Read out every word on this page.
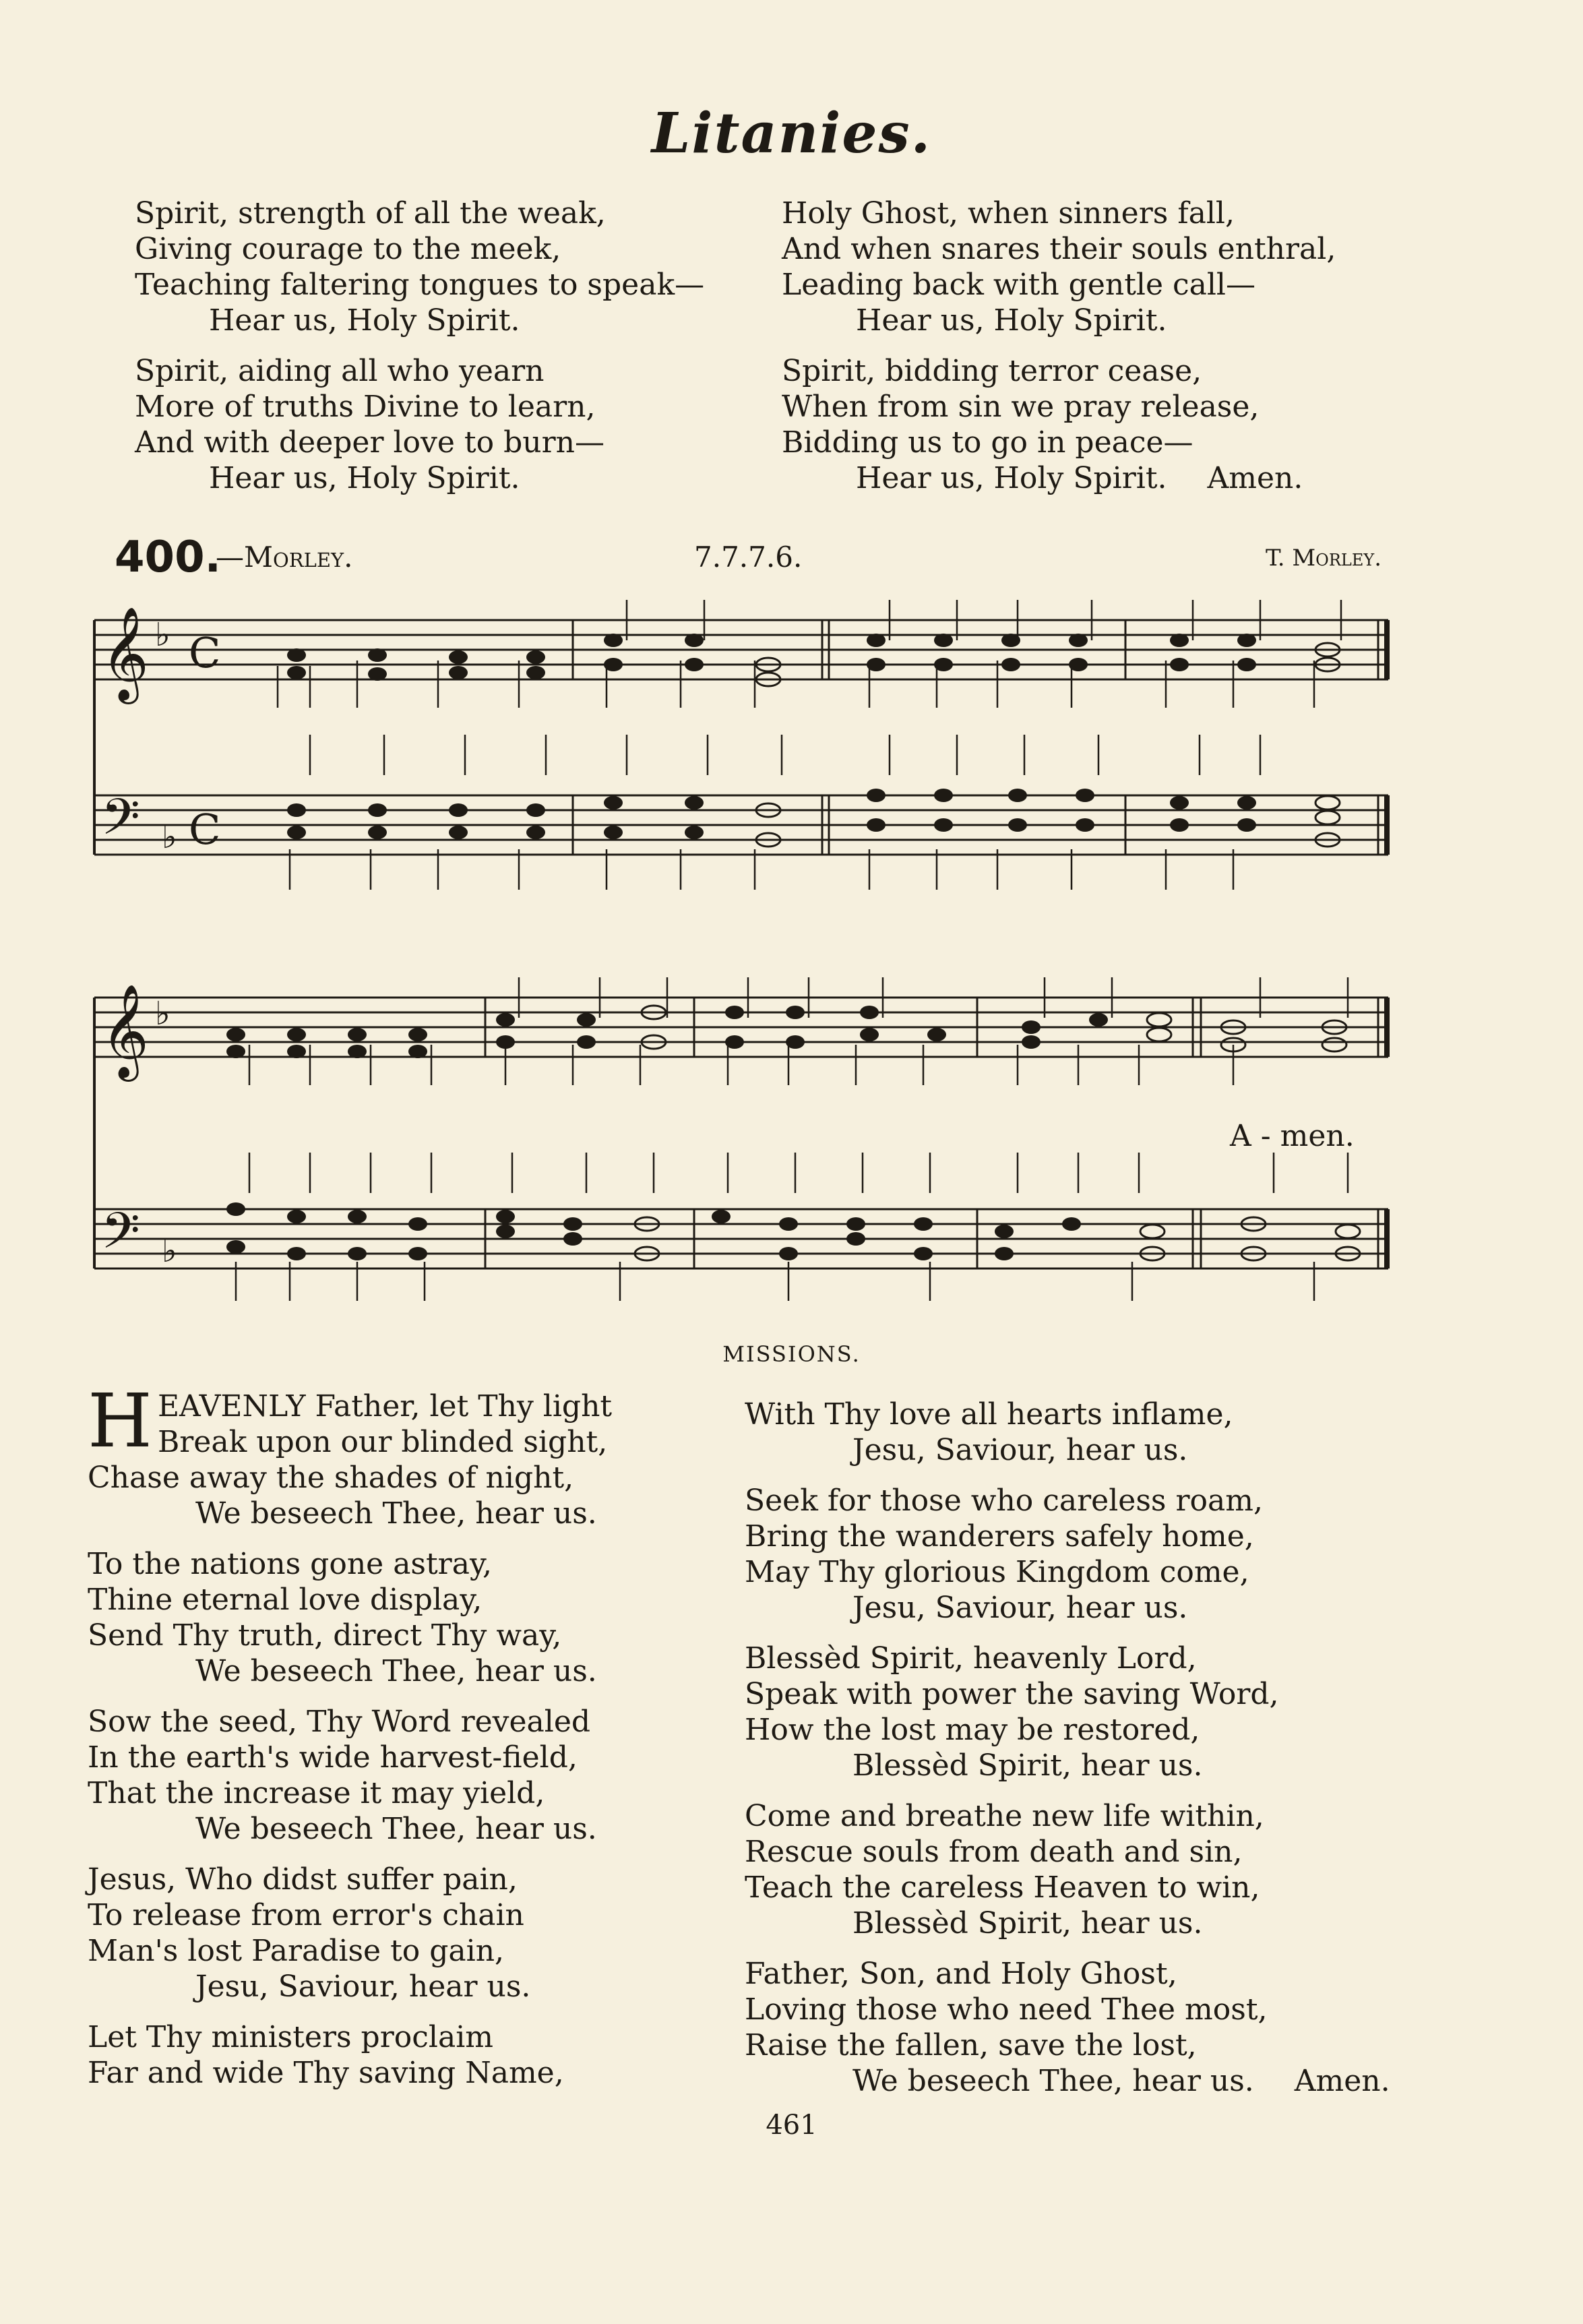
Litanies.
Spirit, strength of all the weak,
Giving courage to the meek,
Teaching faltering tongues to speak—
Hear us, Holy Spirit.
Spirit, aiding all who yearn
More of truths Divine to learn,
And with deeper love to burn—
Hear us, Holy Spirit.
Holy Ghost, when sinners fall,
And when snares their souls enthral,
Leading back with gentle call—
Hear us, Holy Spirit.
Spirit, bidding terror cease,
When from sin we pray release,
Bidding us to go in peace—
Hear us, Holy Spirit. Amen.
400.
—Morley.	7.7.7.6.	T. Morley.
𝄞 ♭ C
𝄢 ♭ C
𝄞 ♭
𝄢 ♭
A - men.
MISSIONS.
H EAVENLY Father, let Thy light
Break upon our blinded sight,
Chase away the shades of night,
We beseech Thee, hear us.
To the nations gone astray,
Thine eternal love display,
Send Thy truth, direct Thy way,
We beseech Thee, hear us.
Sow the seed, Thy Word revealed
In the earth's wide harvest-field,
That the increase it may yield,
We beseech Thee, hear us.
Jesus, Who didst suffer pain,
To release from error's chain
Man's lost Paradise to gain,
Jesu, Saviour, hear us.
Let Thy ministers proclaim
Far and wide Thy saving Name,
With Thy love all hearts inflame,
Jesu, Saviour, hear us.
Seek for those who careless roam,
Bring the wanderers safely home,
May Thy glorious Kingdom come,
Jesu, Saviour, hear us.
Blessèd Spirit, heavenly Lord,
Speak with power the saving Word,
How the lost may be restored,
Blessèd Spirit, hear us.
Come and breathe new life within,
Rescue souls from death and sin,
Teach the careless Heaven to win,
Blessèd Spirit, hear us.
Father, Son, and Holy Ghost,
Loving those who need Thee most,
Raise the fallen, save the lost,
We beseech Thee, hear us. Amen.
461
